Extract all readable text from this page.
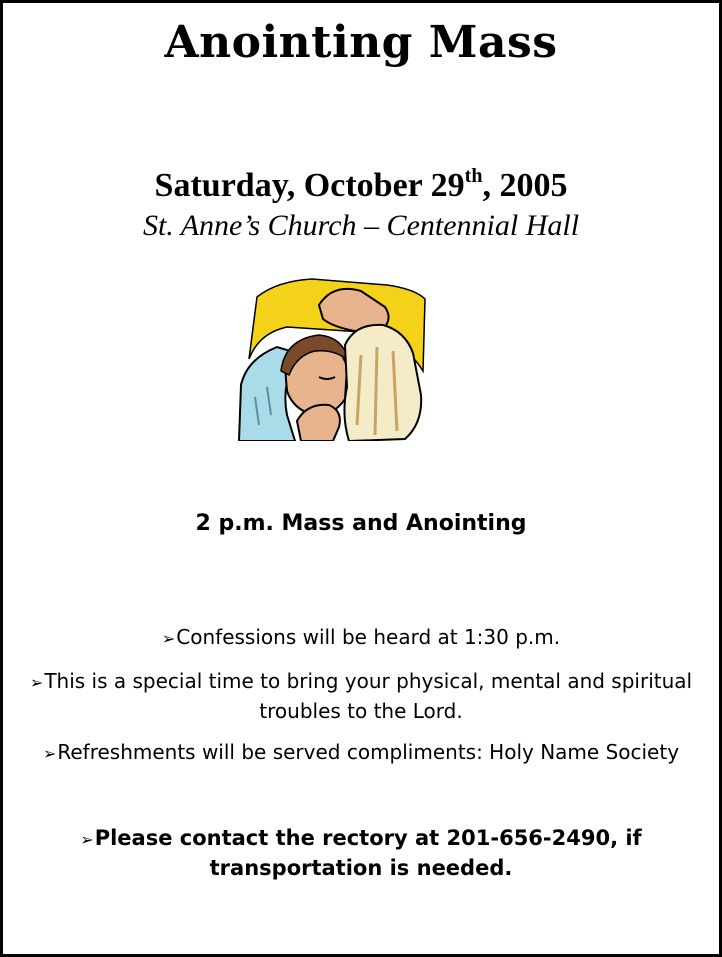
Anointing Mass
Saturday, October 29th, 2005
St. Anne’s Church – Centennial Hall
2 p.m. Mass and Anointing
➢Confessions will be heard at 1:30 p.m.
➢This is a special time to bring your physical, mental and spiritual troubles to the Lord.
➢Refreshments will be served compliments: Holy Name Society
➢Please contact the rectory at 201-656-2490, if transportation is needed.
